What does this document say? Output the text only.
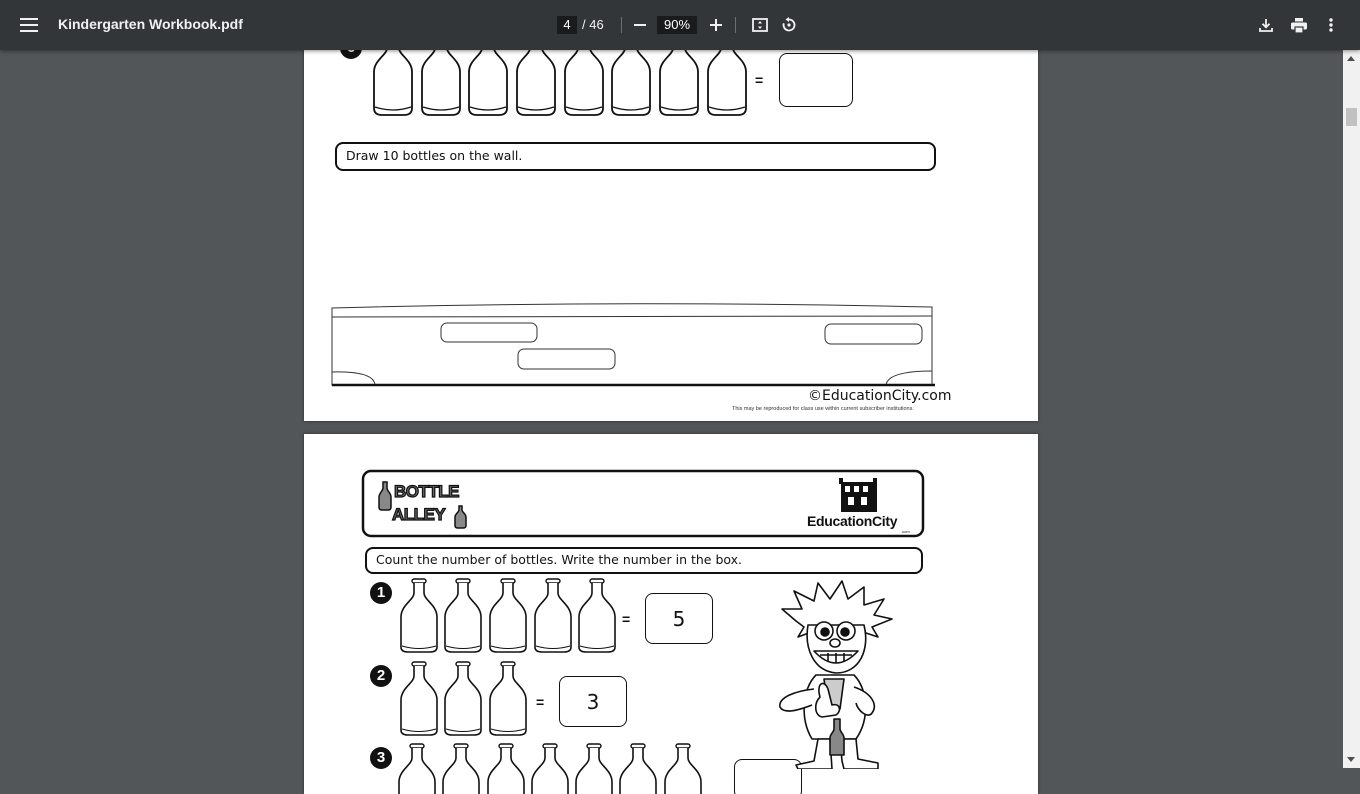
Kindergarten Workbook.pdf	4 / 46	90%
=
Draw 10 bottles on the wall.
©EducationCity.com
This may be reproduced for class use within current subscriber institutions.
BOTTLE
ALLEY	EducationCity
.com
Count the number of bottles. Write the number in the box.
1
=	5
2
=	3
3
